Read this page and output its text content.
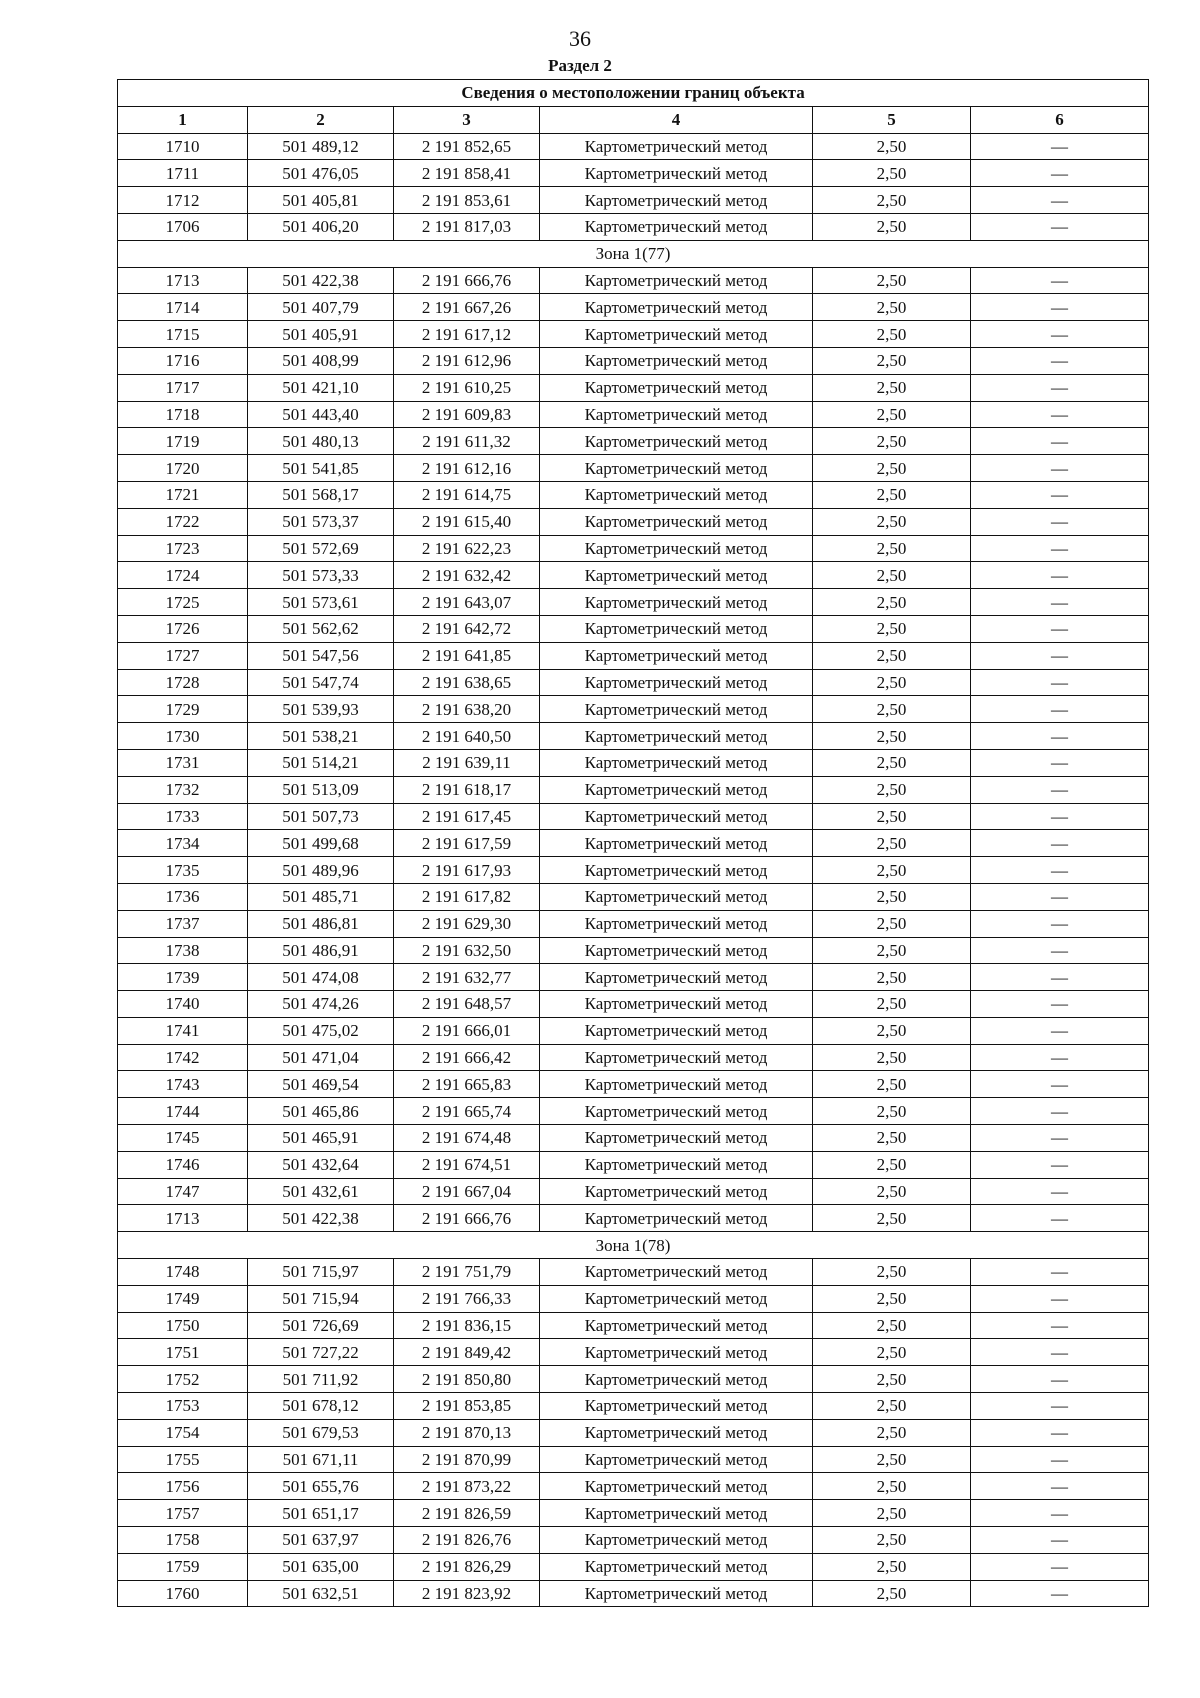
36
Раздел 2
Сведения о местоположении границ объекта					
1	2	3	4	5	6
1710	501 489,12	2 191 852,65	Картометрический метод	2,50	—
1711	501 476,05	2 191 858,41	Картометрический метод	2,50	—
1712	501 405,81	2 191 853,61	Картометрический метод	2,50	—
1706	501 406,20	2 191 817,03	Картометрический метод	2,50	—
Зона 1(77)					
1713	501 422,38	2 191 666,76	Картометрический метод	2,50	—
1714	501 407,79	2 191 667,26	Картометрический метод	2,50	—
1715	501 405,91	2 191 617,12	Картометрический метод	2,50	—
1716	501 408,99	2 191 612,96	Картометрический метод	2,50	—
1717	501 421,10	2 191 610,25	Картометрический метод	2,50	—
1718	501 443,40	2 191 609,83	Картометрический метод	2,50	—
1719	501 480,13	2 191 611,32	Картометрический метод	2,50	—
1720	501 541,85	2 191 612,16	Картометрический метод	2,50	—
1721	501 568,17	2 191 614,75	Картометрический метод	2,50	—
1722	501 573,37	2 191 615,40	Картометрический метод	2,50	—
1723	501 572,69	2 191 622,23	Картометрический метод	2,50	—
1724	501 573,33	2 191 632,42	Картометрический метод	2,50	—
1725	501 573,61	2 191 643,07	Картометрический метод	2,50	—
1726	501 562,62	2 191 642,72	Картометрический метод	2,50	—
1727	501 547,56	2 191 641,85	Картометрический метод	2,50	—
1728	501 547,74	2 191 638,65	Картометрический метод	2,50	—
1729	501 539,93	2 191 638,20	Картометрический метод	2,50	—
1730	501 538,21	2 191 640,50	Картометрический метод	2,50	—
1731	501 514,21	2 191 639,11	Картометрический метод	2,50	—
1732	501 513,09	2 191 618,17	Картометрический метод	2,50	—
1733	501 507,73	2 191 617,45	Картометрический метод	2,50	—
1734	501 499,68	2 191 617,59	Картометрический метод	2,50	—
1735	501 489,96	2 191 617,93	Картометрический метод	2,50	—
1736	501 485,71	2 191 617,82	Картометрический метод	2,50	—
1737	501 486,81	2 191 629,30	Картометрический метод	2,50	—
1738	501 486,91	2 191 632,50	Картометрический метод	2,50	—
1739	501 474,08	2 191 632,77	Картометрический метод	2,50	—
1740	501 474,26	2 191 648,57	Картометрический метод	2,50	—
1741	501 475,02	2 191 666,01	Картометрический метод	2,50	—
1742	501 471,04	2 191 666,42	Картометрический метод	2,50	—
1743	501 469,54	2 191 665,83	Картометрический метод	2,50	—
1744	501 465,86	2 191 665,74	Картометрический метод	2,50	—
1745	501 465,91	2 191 674,48	Картометрический метод	2,50	—
1746	501 432,64	2 191 674,51	Картометрический метод	2,50	—
1747	501 432,61	2 191 667,04	Картометрический метод	2,50	—
1713	501 422,38	2 191 666,76	Картометрический метод	2,50	—
Зона 1(78)					
1748	501 715,97	2 191 751,79	Картометрический метод	2,50	—
1749	501 715,94	2 191 766,33	Картометрический метод	2,50	—
1750	501 726,69	2 191 836,15	Картометрический метод	2,50	—
1751	501 727,22	2 191 849,42	Картометрический метод	2,50	—
1752	501 711,92	2 191 850,80	Картометрический метод	2,50	—
1753	501 678,12	2 191 853,85	Картометрический метод	2,50	—
1754	501 679,53	2 191 870,13	Картометрический метод	2,50	—
1755	501 671,11	2 191 870,99	Картометрический метод	2,50	—
1756	501 655,76	2 191 873,22	Картометрический метод	2,50	—
1757	501 651,17	2 191 826,59	Картометрический метод	2,50	—
1758	501 637,97	2 191 826,76	Картометрический метод	2,50	—
1759	501 635,00	2 191 826,29	Картометрический метод	2,50	—
1760	501 632,51	2 191 823,92	Картометрический метод	2,50	—
